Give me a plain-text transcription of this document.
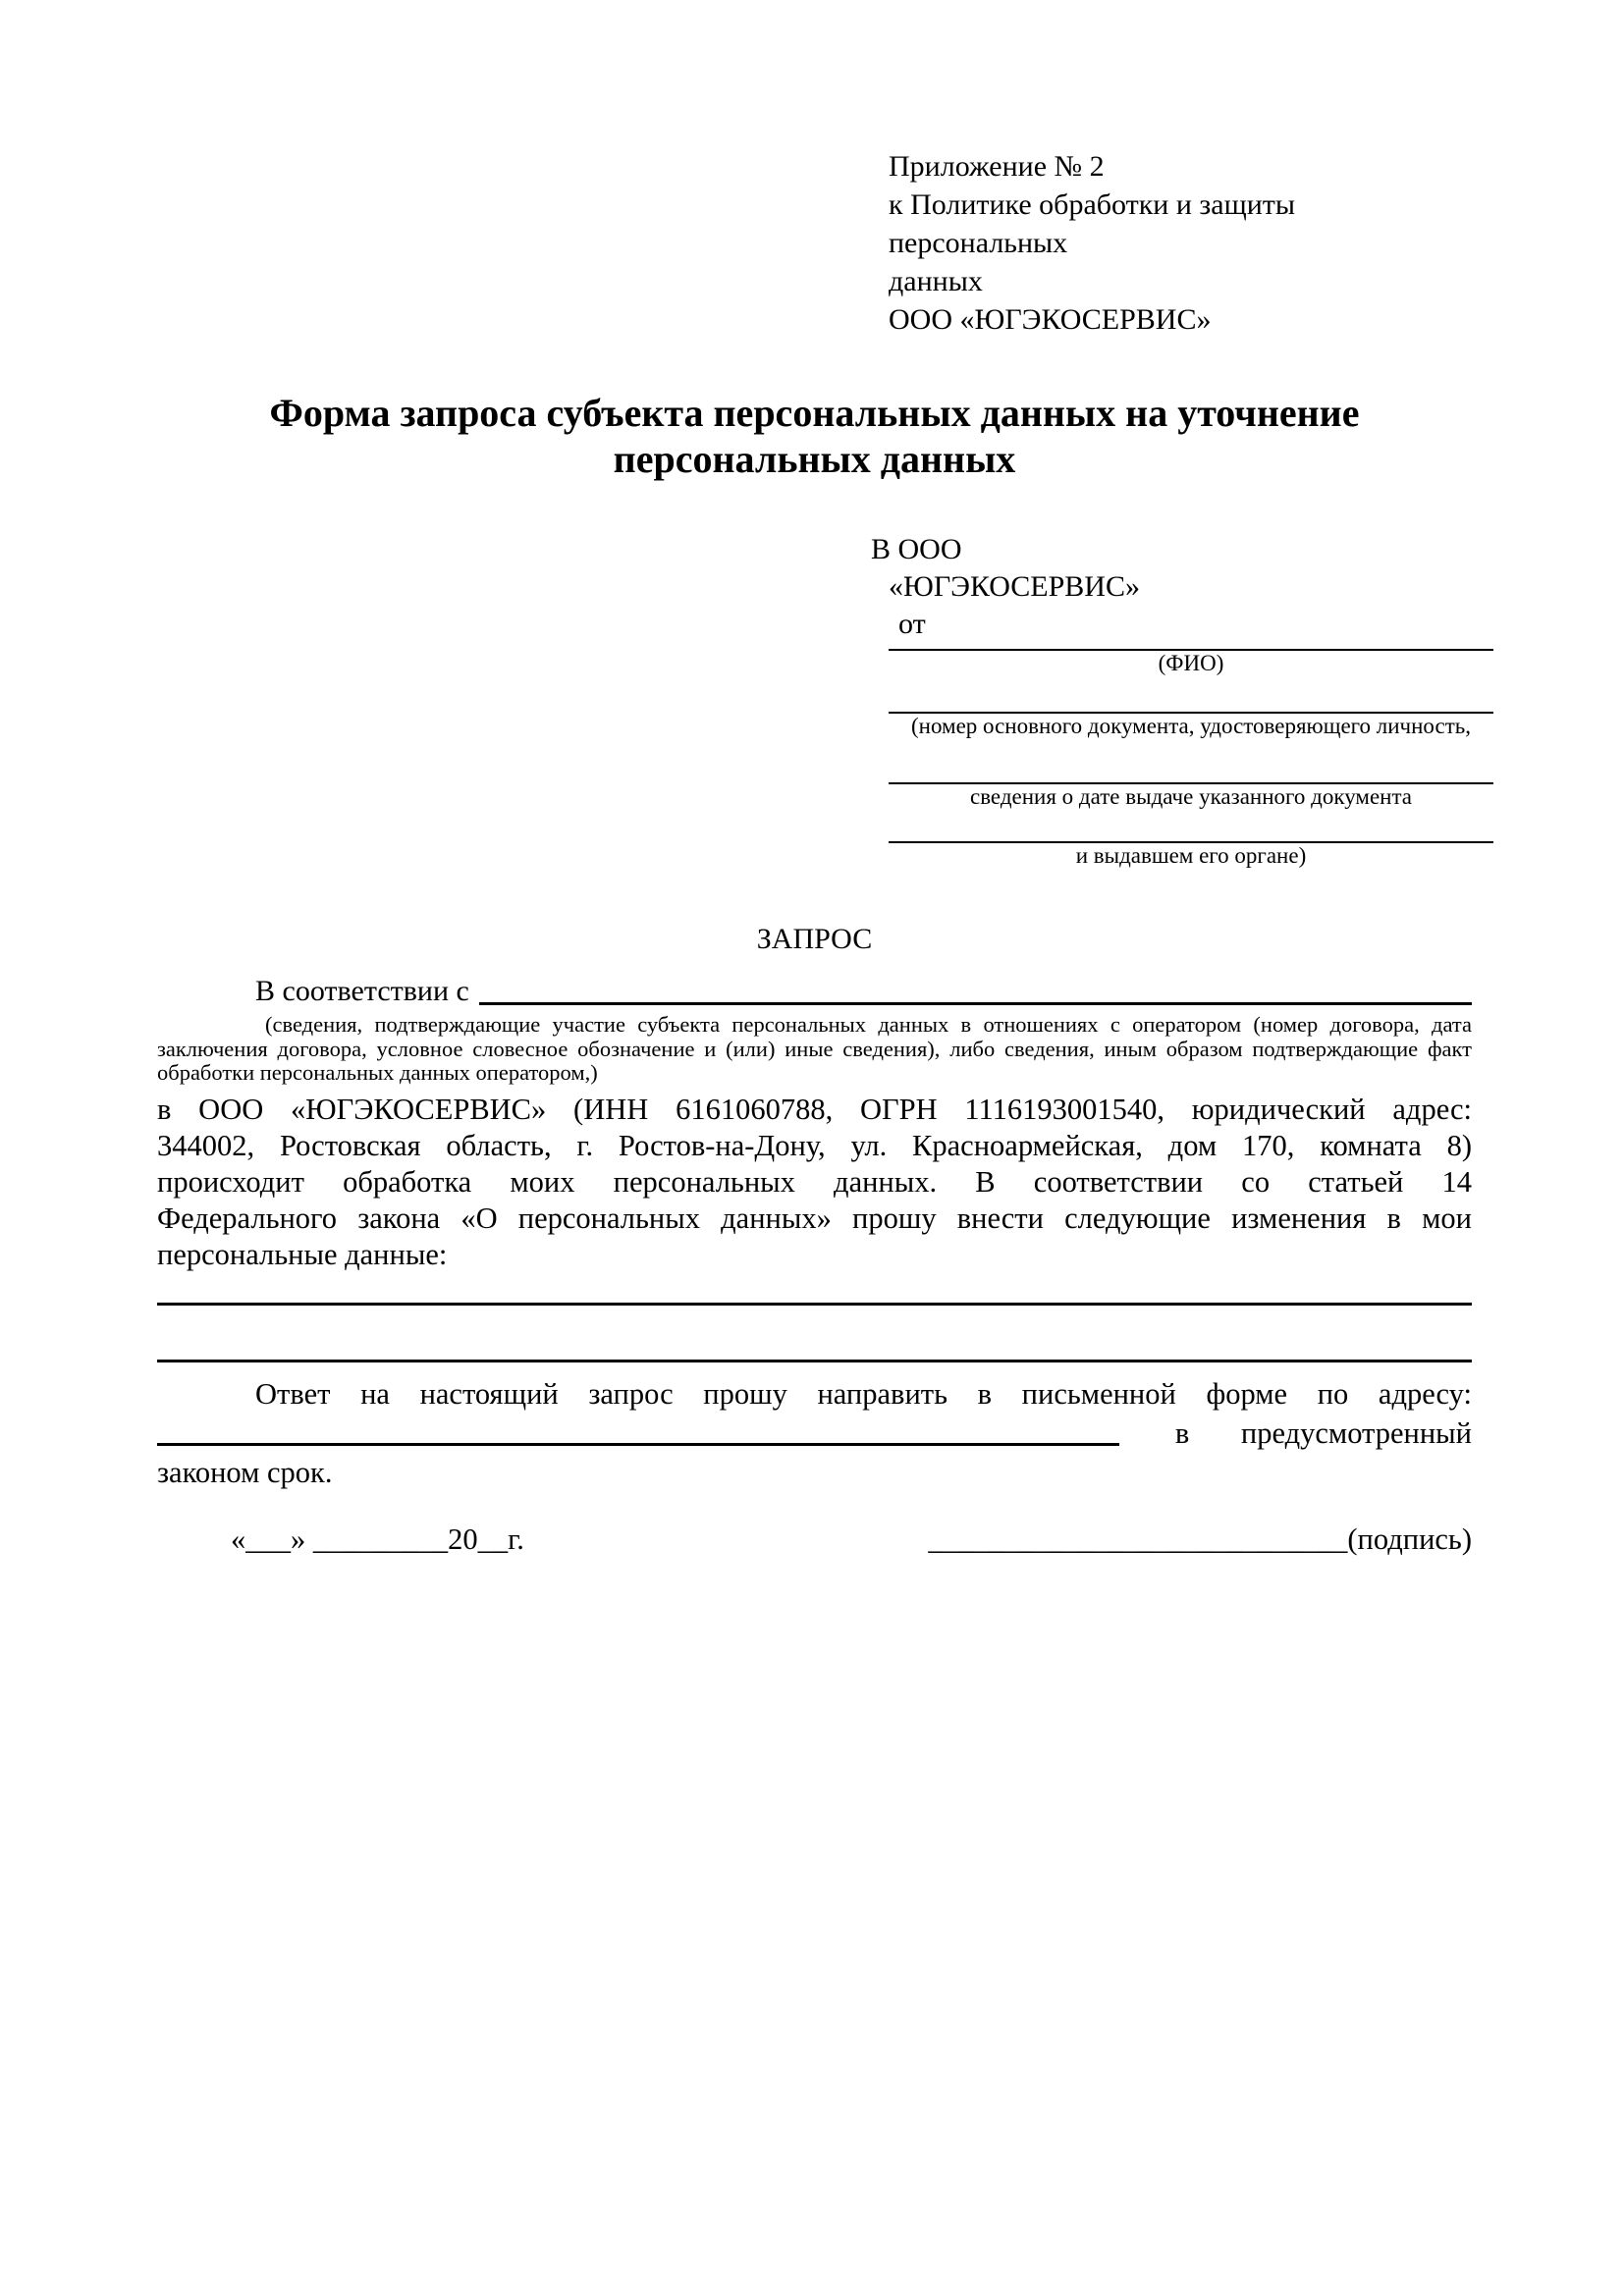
Приложение № 2
к Политике обработки и защиты персональных
данных
ООО «ЮГЭКОСЕРВИС»
Форма запроса субъекта персональных данных на уточнение персональных данных
В ООО
«ЮГЭКОСЕРВИС»
от
(ФИО)
(номер основного документа, удостоверяющего личность,
сведения о дате выдаче указанного документа
и выдавшем его органе)
ЗАПРОС
В соответствии с
(сведения, подтверждающие участие субъекта персональных данных в отношениях с оператором (номер договора, дата
заключения договора, условное словесное обозначение и (или) иные сведения), либо сведения, иным образом подтверждающие факт
обработки персональных данных оператором,)
в ООО «ЮГЭКОСЕРВИС» (ИНН 6161060788, ОГРН 1116193001540, юридический адрес:
344002, Ростовская область, г. Ростов-на-Дону, ул. Красноармейская, дом 170, комната 8)
происходит обработка моих персональных данных. В соответствии со статьей 14
Федерального закона «О персональных данных» прошу внести следующие изменения в мои
персональные данные:
Ответ на настоящий запрос прошу направить в письменной форме по адресу:
в предусмотренный
законом срок.
«___» _________20__г.	____________________________(подпись)
